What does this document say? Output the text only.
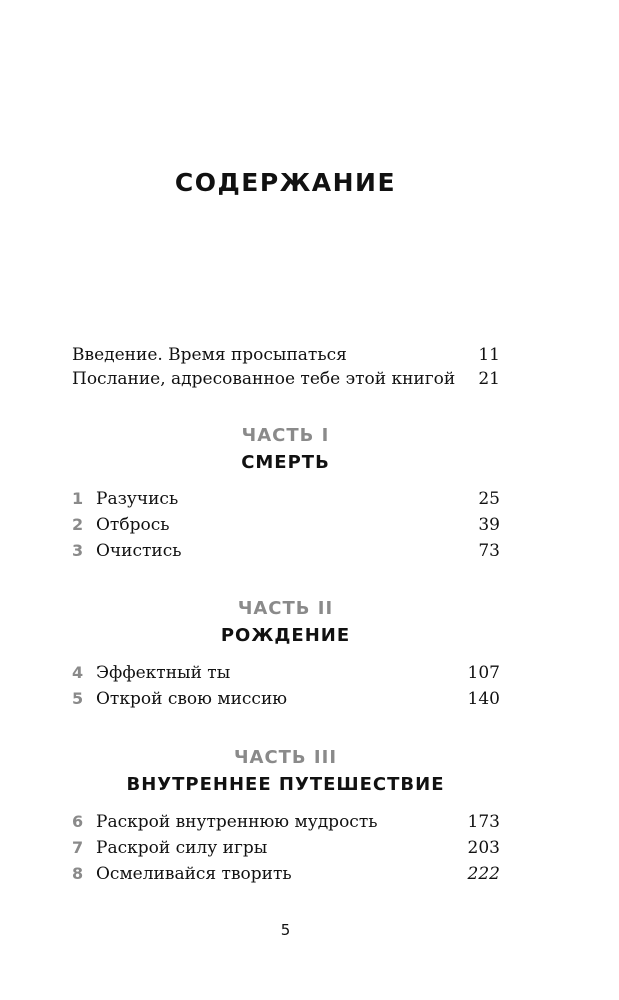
СОДЕРЖАНИЕ
Введение. Время просыпаться	11
Послание, адресованное тебе этой книгой 21
ЧАСТЬ I
СМЕРТЬ
1 Разучись	25
2 Отбрось	39
3 Очистись	73
ЧАСТЬ II
РОЖДЕНИЕ
4 Эффектный ты	107
5 Открой свою миссию	140
ЧАСТЬ III
ВНУТРЕННЕЕ ПУТЕШЕСТВИЕ
6 Раскрой внутреннюю мудрость	173
7 Раскрой силу игры	203
8 Осмеливайся творить	222
5
